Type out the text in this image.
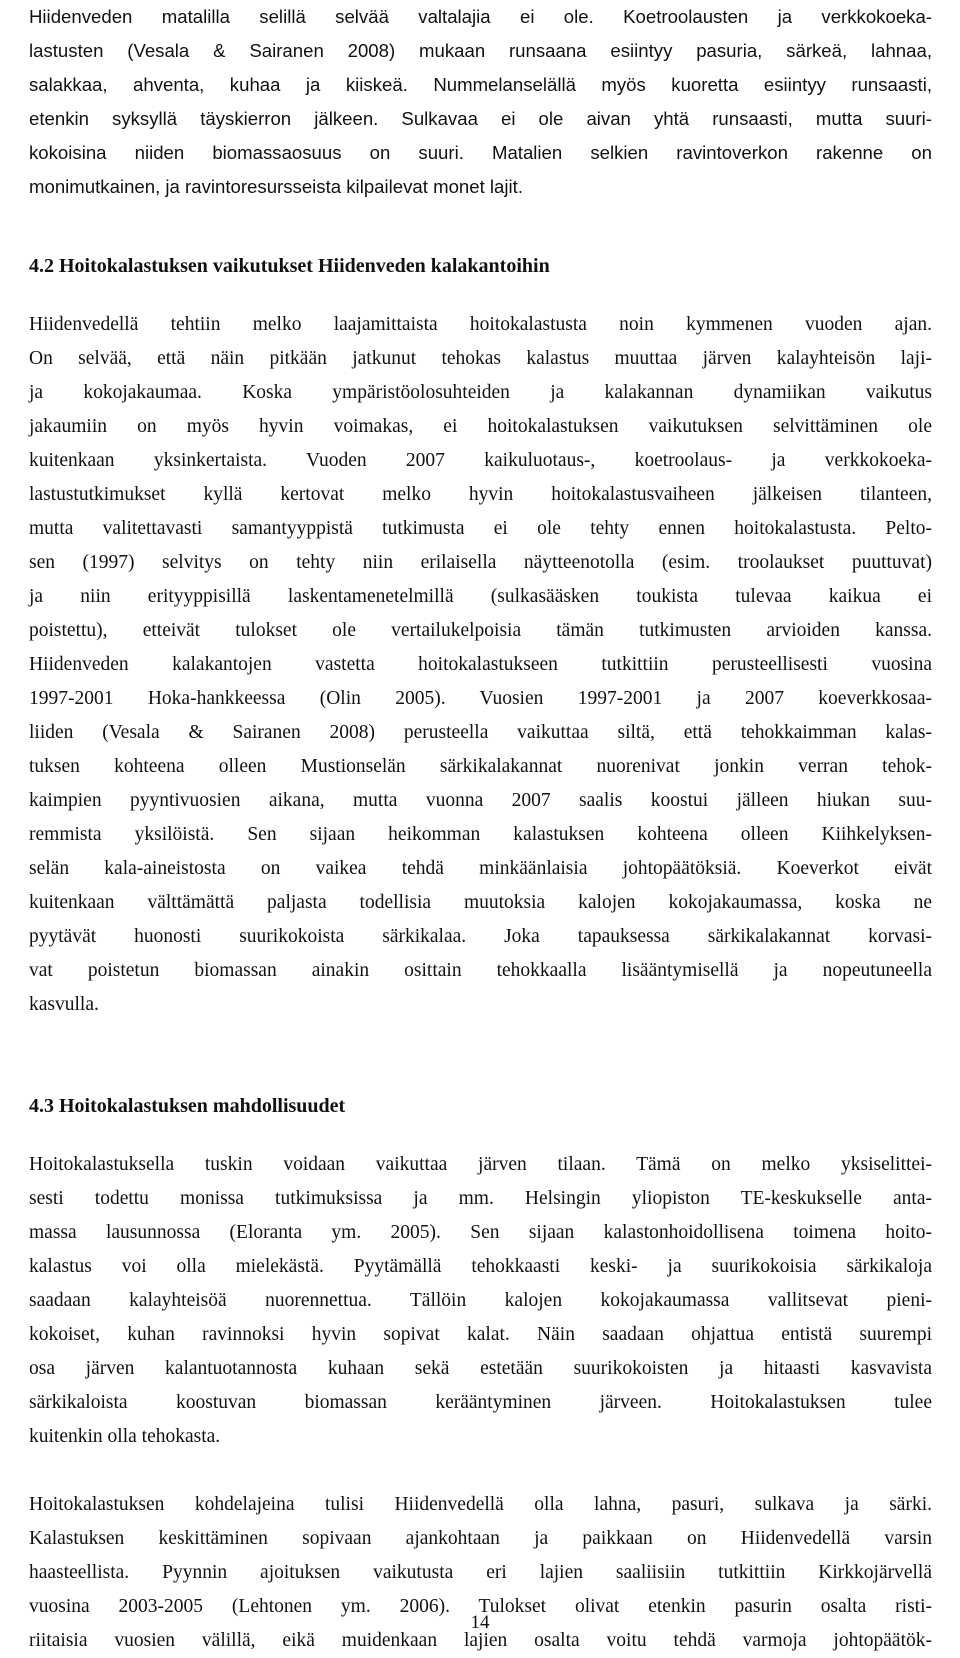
Hiidenveden matalilla selillä selvää valtalajia ei ole. Koetroolausten ja verkkokoeka-
lastusten (Vesala & Sairanen 2008) mukaan runsaana esiintyy pasuria, särkeä, lahnaa,
salakkaa, ahventa, kuhaa ja kiiskeä. Nummelanselällä myös kuoretta esiintyy runsaasti,
etenkin syksyllä täyskierron jälkeen. Sulkavaa ei ole aivan yhtä runsaasti, mutta suuri-
kokoisina niiden biomassaosuus on suuri. Matalien selkien ravintoverkon rakenne on
monimutkainen, ja ravintoresursseista kilpailevat monet lajit.
4.2 Hoitokalastuksen vaikutukset Hiidenveden kalakantoihin
Hiidenvedellä tehtiin melko laajamittaista hoitokalastusta noin kymmenen vuoden ajan.
On selvää, että näin pitkään jatkunut tehokas kalastus muuttaa järven kalayhteisön laji-
ja kokojakaumaa. Koska ympäristöolosuhteiden ja kalakannan dynamiikan vaikutus
jakaumiin on myös hyvin voimakas, ei hoitokalastuksen vaikutuksen selvittäminen ole
kuitenkaan yksinkertaista. Vuoden 2007 kaikuluotaus-, koetroolaus- ja verkkokoeka-
lastustutkimukset kyllä kertovat melko hyvin hoitokalastusvaiheen jälkeisen tilanteen,
mutta valitettavasti samantyyppistä tutkimusta ei ole tehty ennen hoitokalastusta. Pelto-
sen (1997) selvitys on tehty niin erilaisella näytteenotolla (esim. troolaukset puuttuvat)
ja niin erityyppisillä laskentamenetelmillä (sulkasääsken toukista tulevaa kaikua ei
poistettu), etteivät tulokset ole vertailukelpoisia tämän tutkimusten arvioiden kanssa.
Hiidenveden kalakantojen vastetta hoitokalastukseen tutkittiin perusteellisesti vuosina
1997-2001 Hoka-hankkeessa (Olin 2005). Vuosien 1997-2001 ja 2007 koeverkkosaa-
liiden (Vesala & Sairanen 2008) perusteella vaikuttaa siltä, että tehokkaimman kalas-
tuksen kohteena olleen Mustionselän särkikalakannat nuorenivat jonkin verran tehok-
kaimpien pyyntivuosien aikana, mutta vuonna 2007 saalis koostui jälleen hiukan suu-
remmista yksilöistä. Sen sijaan heikomman kalastuksen kohteena olleen Kiihkelyksen-
selän kala-aineistosta on vaikea tehdä minkäänlaisia johtopäätöksiä. Koeverkot eivät
kuitenkaan välttämättä paljasta todellisia muutoksia kalojen kokojakaumassa, koska ne
pyytävät huonosti suurikokoista särkikalaa. Joka tapauksessa särkikalakannat korvasi-
vat poistetun biomassan ainakin osittain tehokkaalla lisääntymisellä ja nopeutuneella
kasvulla.
4.3 Hoitokalastuksen mahdollisuudet
Hoitokalastuksella tuskin voidaan vaikuttaa järven tilaan. Tämä on melko yksiselittei-
sesti todettu monissa tutkimuksissa ja mm. Helsingin yliopiston TE-keskukselle anta-
massa lausunnossa (Eloranta ym. 2005). Sen sijaan kalastonhoidollisena toimena hoito-
kalastus voi olla mielekästä. Pyytämällä tehokkaasti keski- ja suurikokoisia särkikaloja
saadaan kalayhteisöä nuorennettua. Tällöin kalojen kokojakaumassa vallitsevat pieni-
kokoiset, kuhan ravinnoksi hyvin sopivat kalat. Näin saadaan ohjattua entistä suurempi
osa järven kalantuotannosta kuhaan sekä estetään suurikokoisten ja hitaasti kasvavista
särkikaloista koostuvan biomassan kerääntyminen järveen. Hoitokalastuksen tulee
kuitenkin olla tehokasta.
Hoitokalastuksen kohdelajeina tulisi Hiidenvedellä olla lahna, pasuri, sulkava ja särki.
Kalastuksen keskittäminen sopivaan ajankohtaan ja paikkaan on Hiidenvedellä varsin
haasteellista. Pyynnin ajoituksen vaikutusta eri lajien saaliisiin tutkittiin Kirkkojärvellä
vuosina 2003-2005 (Lehtonen ym. 2006). Tulokset olivat etenkin pasurin osalta risti-
riitaisia vuosien välillä, eikä muidenkaan lajien osalta voitu tehdä varmoja johtopäätök-
14
